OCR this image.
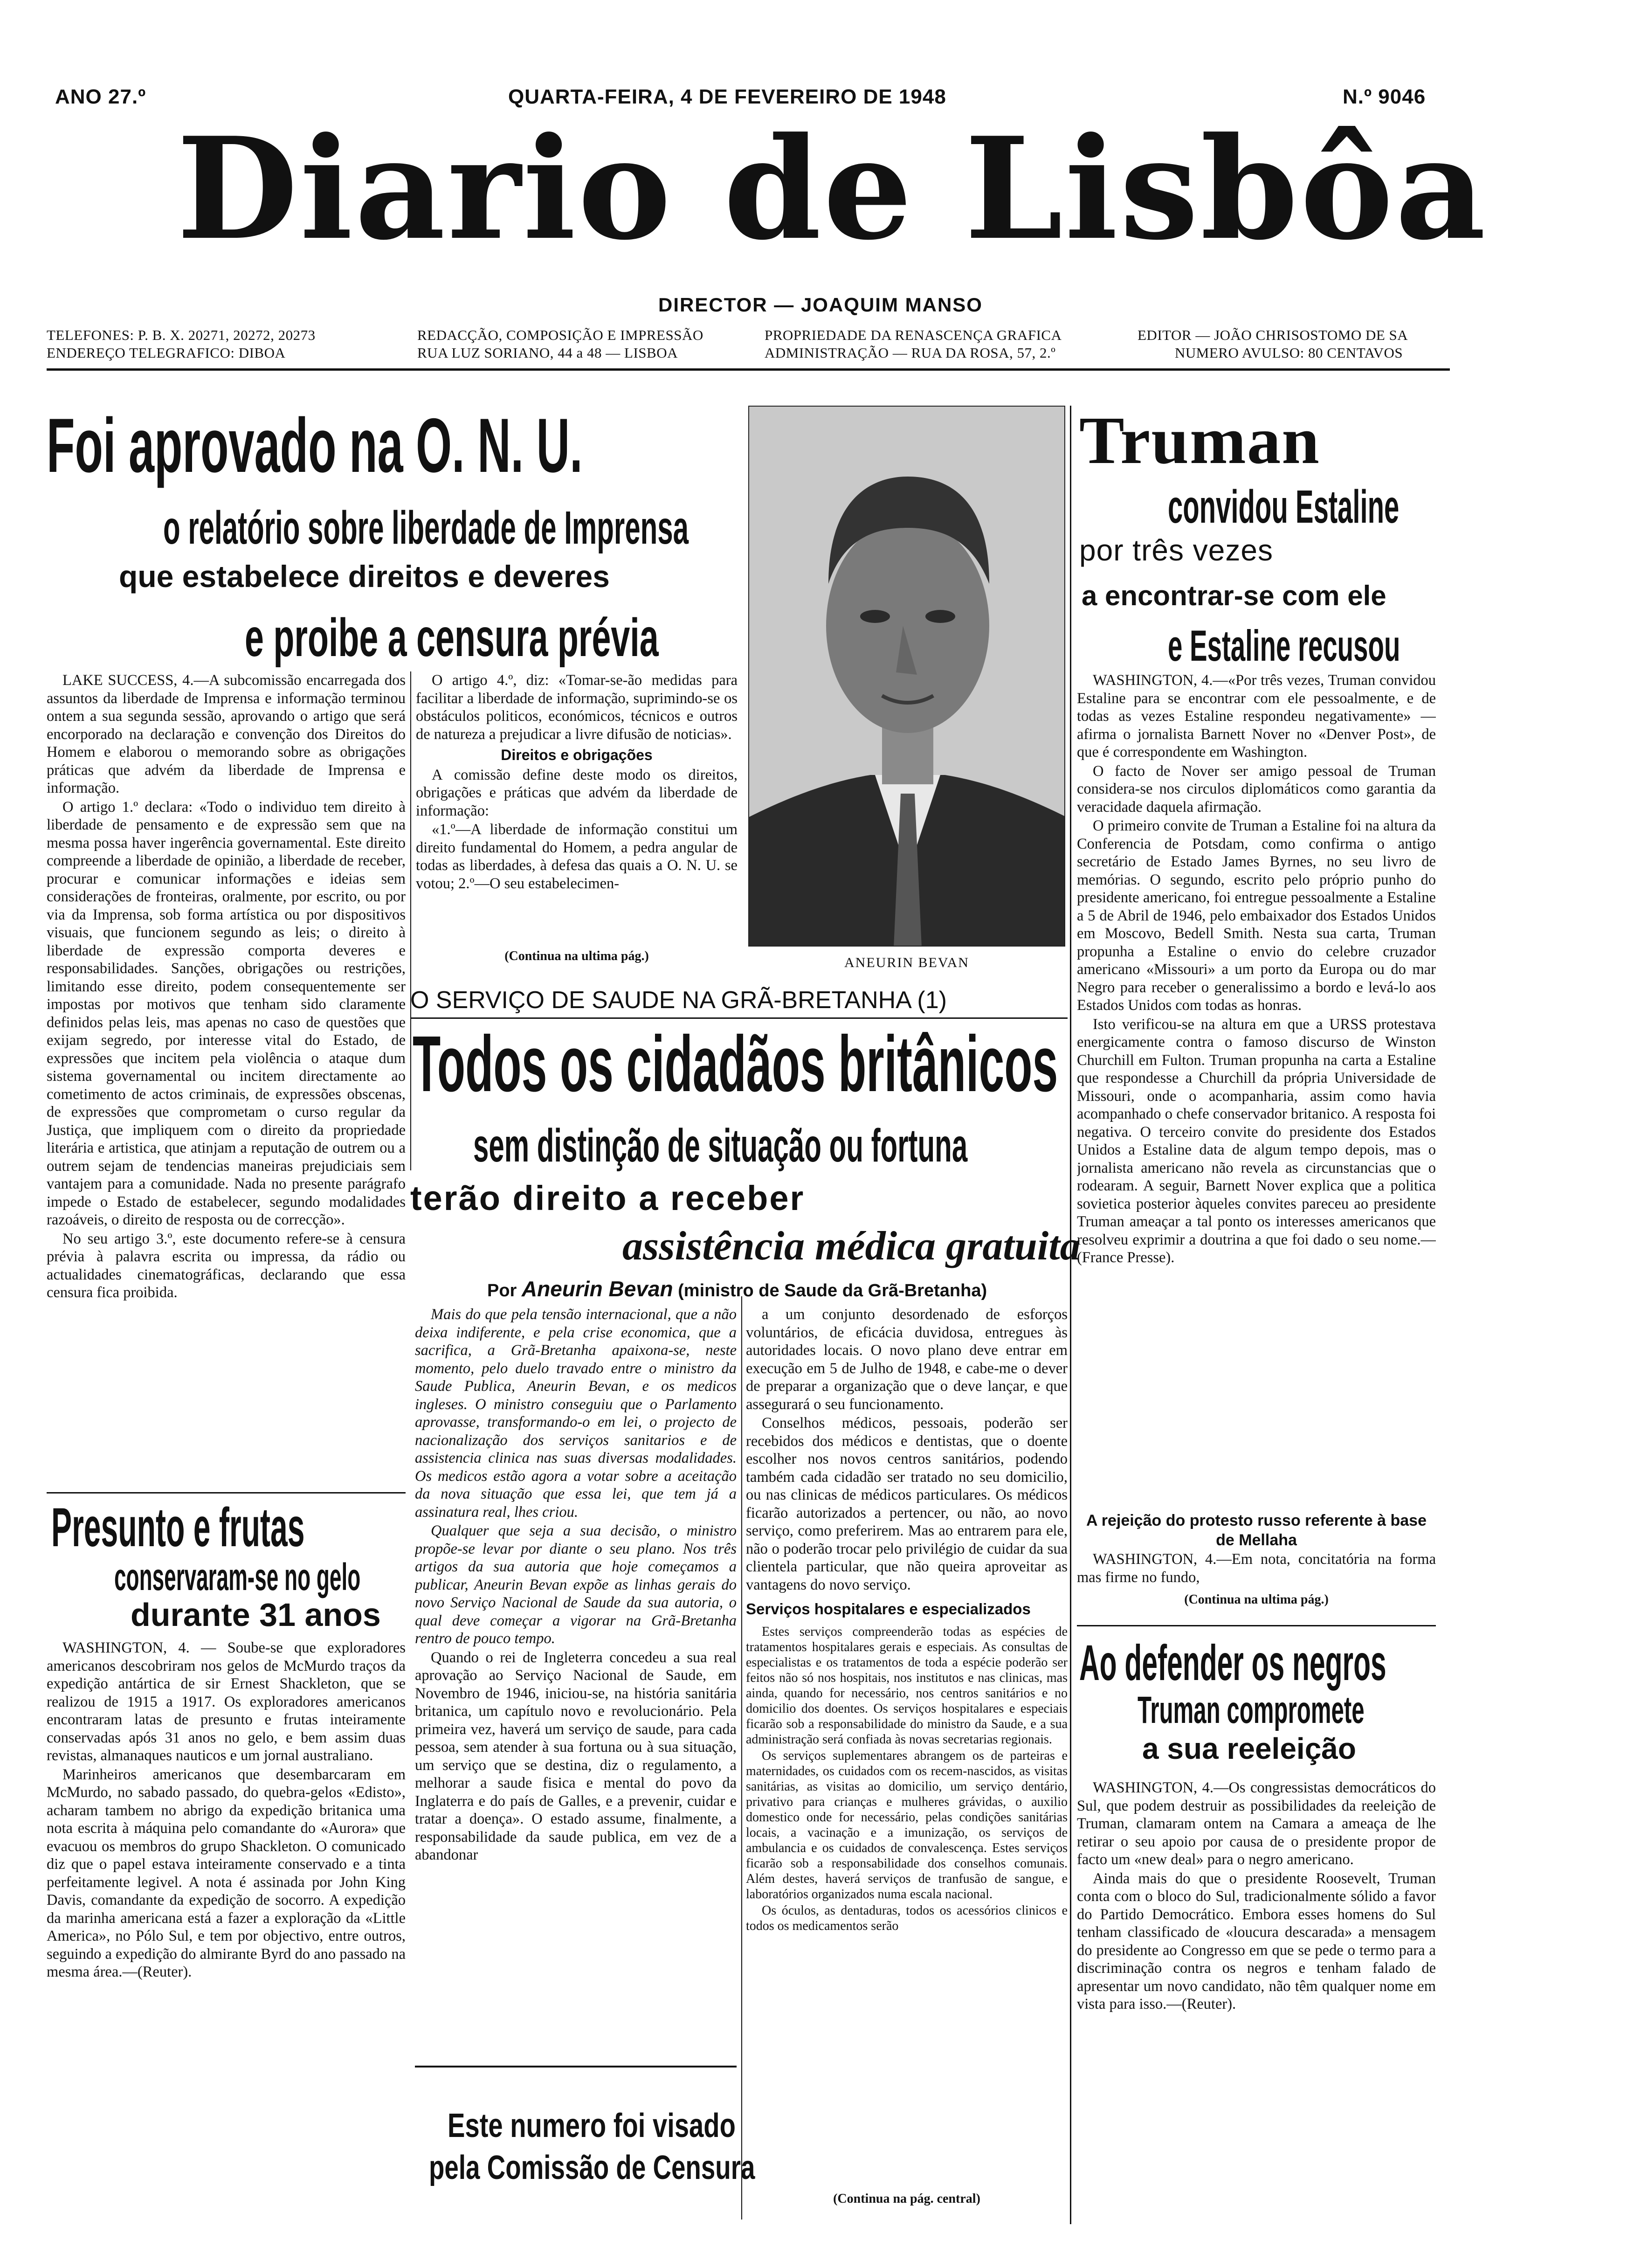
ANO 27.º	QUARTA-FEIRA, 4 DE FEVEREIRO DE 1948	N.º 9046
Diario de Lisbôa
DIRECTOR — JOAQUIM MANSO
TELEFONES: P. B. X. 20271, 20272, 20273
ENDEREÇO TELEGRAFICO: DIBOA
REDACÇÃO, COMPOSIÇÃO E IMPRESSÃO
RUA LUZ SORIANO, 44 a 48 — LISBOA
PROPRIEDADE DA RENASCENÇA GRAFICA
ADMINISTRAÇÃO — RUA DA ROSA, 57, 2.º
EDITOR — JOÃO CHRISOSTOMO DE SA
NUMERO AVULSO: 80 CENTAVOS
Foi aprovado na O. N. U.
o relatório sobre liberdade de Imprensa
que estabelece direitos e deveres
e proibe a censura prévia

LAKE SUCCESS, 4.—A subcomissão encarregada dos assuntos da liberdade de Imprensa e informação terminou ontem a sua segunda sessão, aprovando o artigo que será encorporado na declaração e convenção dos Direitos do Homem e elaborou o memorando sobre as obrigações práticas que advém da liberdade de Imprensa e informação.

O artigo 1.º declara: «Todo o individuo tem direito à liberdade de pensamento e de expressão sem que na mesma possa haver ingerência governamental. Este direito compreende a liberdade de opinião, a liberdade de receber, procurar e comunicar informações e ideias sem considerações de fronteiras, oralmente, por escrito, ou por via da Imprensa, sob forma artística ou por dispositivos visuais, que funcionem segundo as leis; o direito à liberdade de expressão comporta deveres e responsabilidades. Sanções, obrigações ou restrições, limitando esse direito, podem consequentemente ser impostas por motivos que tenham sido claramente definidos pelas leis, mas apenas no caso de questões que exijam segredo, por interesse vital do Estado, de expressões que incitem pela violência o ataque dum sistema governamental ou incitem directamente ao cometimento de actos criminais, de expressões obscenas, de expressões que comprometam o curso regular da Justiça, que impliquem com o direito da propriedade literária e artistica, que atinjam a reputação de outrem ou a outrem sejam de tendencias maneiras prejudiciais sem vantajem para a comunidade. Nada no presente parágrafo impede o Estado de estabelecer, segundo modalidades razoáveis, o direito de resposta ou de correcção».

No seu artigo 3.º, este documento refere-se à censura prévia à palavra escrita ou impressa, da rádio ou actualidades cinematográficas, declarando que essa censura fica proibida.

O artigo 4.º, diz: «Tomar-se-ão medidas para facilitar a liberdade de informação, suprimindo-se os obstáculos politicos, económicos, técnicos e outros de natureza a prejudicar a livre difusão de noticias».

Direitos e obrigações

A comissão define deste modo os direitos, obrigações e práticas que advém da liberdade de informação:

«1.º—A liberdade de informação constitui um direito fundamental do Homem, a pedra angular de todas as liberdades, à defesa das quais a O. N. U. se votou; 2.º—O seu estabelecimen-

(Continua na ultima pág.)	ANEURIN BEVAN
O SERVIÇO DE SAUDE NA GRÃ-BRETANHA (1)
Todos os cidadãos britânicos
sem distinção de situação ou fortuna
terão direito a receber
assistência médica gratuita
Por Aneurin Bevan (ministro de Saude da Grã-Bretanha)

Mais do que pela tensão internacional, que a não deixa indiferente, e pela crise economica, que a sacrifica, a Grã-Bretanha apaixona-se, neste momento, pelo duelo travado entre o ministro da Saude Publica, Aneurin Bevan, e os medicos ingleses. O ministro conseguiu que o Parlamento aprovasse, transformando-o em lei, o projecto de nacionalização dos serviços sanitarios e de assistencia clinica nas suas diversas modalidades. Os medicos estão agora a votar sobre a aceitação da nova situação que essa lei, que tem já a assinatura real, lhes criou.

Qualquer que seja a sua decisão, o ministro propõe-se levar por diante o seu plano. Nos três artigos da sua autoria que hoje começamos a publicar, Aneurin Bevan expõe as linhas gerais do novo Serviço Nacional de Saude da sua autoria, o qual deve começar a vigorar na Grã-Bretanha rentro de pouco tempo.

Quando o rei de Ingleterra concedeu a sua real aprovação ao Serviço Nacional de Saude, em Novembro de 1946, iniciou-se, na história sanitária britanica, um capítulo novo e revolucionário. Pela primeira vez, haverá um serviço de saude, para cada pessoa, sem atender à sua fortuna ou à sua situação, um serviço que se destina, diz o regulamento, a melhorar a saude fisica e mental do povo da Inglaterra e do país de Galles, e a prevenir, cuidar e tratar a doença». O estado assume, finalmente, a responsabilidade da saude publica, em vez de a abandonar

Este numero foi visado
pela Comissão de Censura

a um conjunto desordenado de esforços voluntários, de eficácia duvidosa, entregues às autoridades locais. O novo plano deve entrar em execução em 5 de Julho de 1948, e cabe-me o dever de preparar a organização que o deve lançar, e que assegurará o seu funcionamento.

Conselhos médicos, pessoais, poderão ser recebidos dos médicos e dentistas, que o doente escolher nos novos centros sanitários, podendo também cada cidadão ser tratado no seu domicilio, ou nas clinicas de médicos particulares. Os médicos ficarão autorizados a pertencer, ou não, ao novo serviço, como preferirem. Mas ao entrarem para ele, não o poderão trocar pelo privilégio de cuidar da sua clientela particular, que não queira aproveitar as vantagens do novo serviço.

Serviços hospitalares e especializados

Estes serviços compreenderão todas as espécies de tratamentos hospitalares gerais e especiais. As consultas de especialistas e os tratamentos de toda a espécie poderão ser feitos não só nos hospitais, nos institutos e nas clinicas, mas ainda, quando for necessário, nos centros sanitários e no domicilio dos doentes. Os serviços hospitalares e especiais ficarão sob a responsabilidade do ministro da Saude, e a sua administração será confiada às novas secretarias regionais.

Os serviços suplementares abrangem os de parteiras e maternidades, os cuidados com os recem-nascidos, as visitas sanitárias, as visitas ao domicilio, um serviço dentário, privativo para crianças e mulheres grávidas, o auxilio domestico onde for necessário, pelas condições sanitárias locais, a vacinação e a imunização, os serviços de ambulancia e os cuidados de convalescença. Estes serviços ficarão sob a responsabilidade dos conselhos comunais. Além destes, haverá serviços de tranfusão de sangue, e laboratórios organizados numa escala nacional.

Os óculos, as dentaduras, todos os acessórios clinicos e todos os medicamentos serão

(Continua na pág. central)
Presunto e frutas
conservaram-se no gelo
durante 31 anos

WASHINGTON, 4. — Soube-se que exploradores americanos descobriram nos gelos de McMurdo traços da expedição antártica de sir Ernest Shackleton, que se realizou de 1915 a 1917. Os exploradores americanos encontraram latas de presunto e frutas inteiramente conservadas após 31 anos no gelo, e bem assim duas revistas, almanaques nauticos e um jornal australiano.

Marinheiros americanos que desembarcaram em McMurdo, no sabado passado, do quebra-gelos «Edisto», acharam tambem no abrigo da expedição britanica uma nota escrita à máquina pelo comandante do «Aurora» que evacuou os membros do grupo Shackleton. O comunicado diz que o papel estava inteiramente conservado e a tinta perfeitamente legivel. A nota é assinada por John King Davis, comandante da expedição de socorro. A expedição da marinha americana está a fazer a exploração da «Little America», no Pólo Sul, e tem por objectivo, entre outros, seguindo a expedição do almirante Byrd do ano passado na mesma área.—(Reuter).

Truman
convidou Estaline
por três vezes
a encontrar-se com ele
e Estaline recusou

WASHINGTON, 4.—«Por três vezes, Truman convidou Estaline para se encontrar com ele pessoalmente, e de todas as vezes Estaline respondeu negativamente» — afirma o jornalista Barnett Nover no «Denver Post», de que é correspondente em Washington.

O facto de Nover ser amigo pessoal de Truman considera-se nos circulos diplomáticos como garantia da veracidade daquela afirmação.

O primeiro convite de Truman a Estaline foi na altura da Conferencia de Potsdam, como confirma o antigo secretário de Estado James Byrnes, no seu livro de memórias. O segundo, escrito pelo próprio punho do presidente americano, foi entregue pessoalmente a Estaline a 5 de Abril de 1946, pelo embaixador dos Estados Unidos em Moscovo, Bedell Smith. Nesta sua carta, Truman propunha a Estaline o envio do celebre cruzador americano «Missouri» a um porto da Europa ou do mar Negro para receber o generalissimo a bordo e levá-lo aos Estados Unidos com todas as honras.

Isto verificou-se na altura em que a URSS protestava energicamente contra o famoso discurso de Winston Churchill em Fulton. Truman propunha na carta a Estaline que respondesse a Churchill da própria Universidade de Missouri, onde o acompanharia, assim como havia acompanhado o chefe conservador britanico. A resposta foi negativa. O terceiro convite do presidente dos Estados Unidos a Estaline data de algum tempo depois, mas o jornalista americano não revela as circunstancias que o rodearam. A seguir, Barnett Nover explica que a politica sovietica posterior àqueles convites pareceu ao presidente Truman ameaçar a tal ponto os interesses americanos que resolveu exprimir a doutrina a que foi dado o seu nome.—(France Presse).

A rejeição do protesto russo referente à base de Mellaha

WASHINGTON, 4.—Em nota, concitatória na forma mas firme no fundo,

(Continua na ultima pág.)
Ao defender os negros
Truman compromete
a sua reeleição

WASHINGTON, 4.—Os congressistas democráticos do Sul, que podem destruir as possibilidades da reeleição de Truman, clamaram ontem na Camara a ameaça de lhe retirar o seu apoio por causa de o presidente propor de facto um «new deal» para o negro americano.

Ainda mais do que o presidente Roosevelt, Truman conta com o bloco do Sul, tradicionalmente sólido a favor do Partido Democrático. Embora esses homens do Sul tenham classificado de «loucura descarada» a mensagem do presidente ao Congresso em que se pede o termo para a discriminação contra os negros e tenham falado de apresentar um novo candidato, não têm qualquer nome em vista para isso.—(Reuter).
